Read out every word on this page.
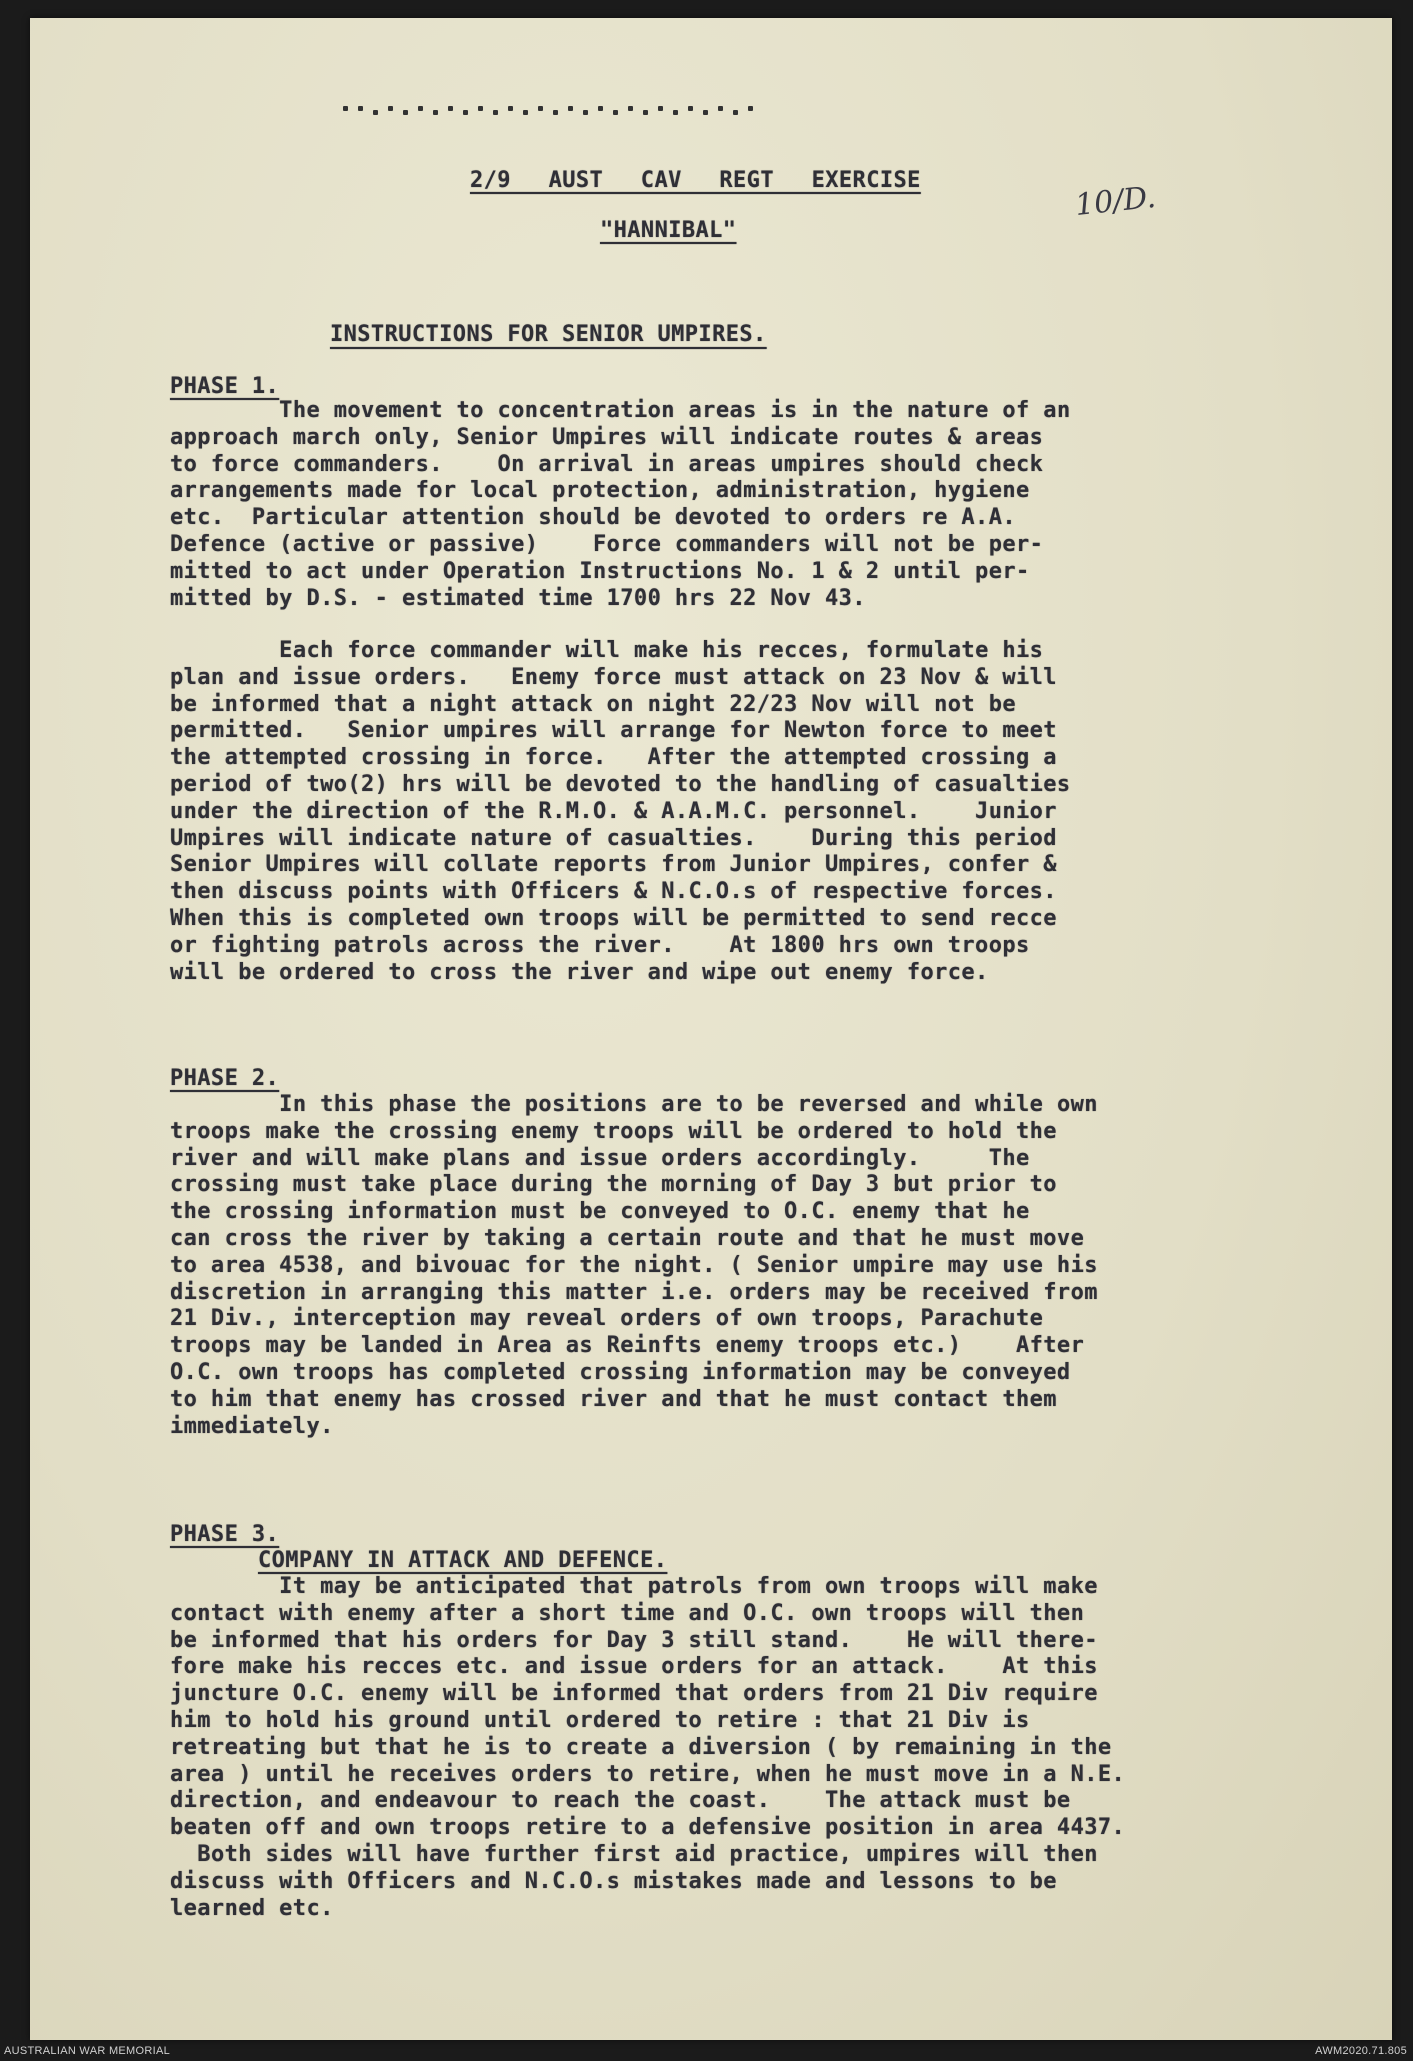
2/9 AUST CAV REGT EXERCISE
"HANNIBAL"
10/D.
INSTRUCTIONS FOR SENIOR UMPIRES.
PHASE 1.

The movement to concentration areas is in the nature of an
approach march only, Senior Umpires will indicate routes & areas
to force commanders.    On arrival in areas umpires should check
arrangements made for local protection, administration, hygiene
etc.  Particular attention should be devoted to orders re A.A.
Defence (active or passive)    Force commanders will not be per-
mitted to act under Operation Instructions No. 1 & 2 until per-
mitted by D.S. - estimated time 1700 hrs 22 Nov 43.

Each force commander will make his recces, formulate his
plan and issue orders.   Enemy force must attack on 23 Nov & will
be informed that a night attack on night 22/23 Nov will not be
permitted.   Senior umpires will arrange for Newton force to meet
the attempted crossing in force.   After the attempted crossing a
period of two(2) hrs will be devoted to the handling of casualties
under the direction of the R.M.O. & A.A.M.C. personnel.    Junior
Umpires will indicate nature of casualties.    During this period
Senior Umpires will collate reports from Junior Umpires, confer &
then discuss points with Officers & N.C.O.s of respective forces.
When this is completed own troops will be permitted to send recce
or fighting patrols across the river.    At 1800 hrs own troops
will be ordered to cross the river and wipe out enemy force.

PHASE 2.

In this phase the positions are to be reversed and while own
troops make the crossing enemy troops will be ordered to hold the
river and will make plans and issue orders accordingly.     The
crossing must take place during the morning of Day 3 but prior to
the crossing information must be conveyed to O.C. enemy that he
can cross the river by taking a certain route and that he must move
to area 4538, and bivouac for the night. ( Senior umpire may use his
discretion in arranging this matter i.e. orders may be received from
21 Div., interception may reveal orders of own troops, Parachute
troops may be landed in Area as Reinfts enemy troops etc.)    After
O.C. own troops has completed crossing information may be conveyed
to him that enemy has crossed river and that he must contact them
immediately.

PHASE 3.
COMPANY IN ATTACK AND DEFENCE.

It may be anticipated that patrols from own troops will make
contact with enemy after a short time and O.C. own troops will then
be informed that his orders for Day 3 still stand.    He will there-
fore make his recces etc. and issue orders for an attack.    At this
juncture O.C. enemy will be informed that orders from 21 Div require
him to hold his ground until ordered to retire : that 21 Div is
retreating but that he is to create a diversion ( by remaining in the
area ) until he receives orders to retire, when he must move in a N.E.
direction, and endeavour to reach the coast.    The attack must be
beaten off and own troops retire to a defensive position in area 4437.
Both sides will have further first aid practice, umpires will then
discuss with Officers and N.C.O.s mistakes made and lessons to be
learned etc.

AUSTRALIAN WAR MEMORIAL	AWM2020.71.805
